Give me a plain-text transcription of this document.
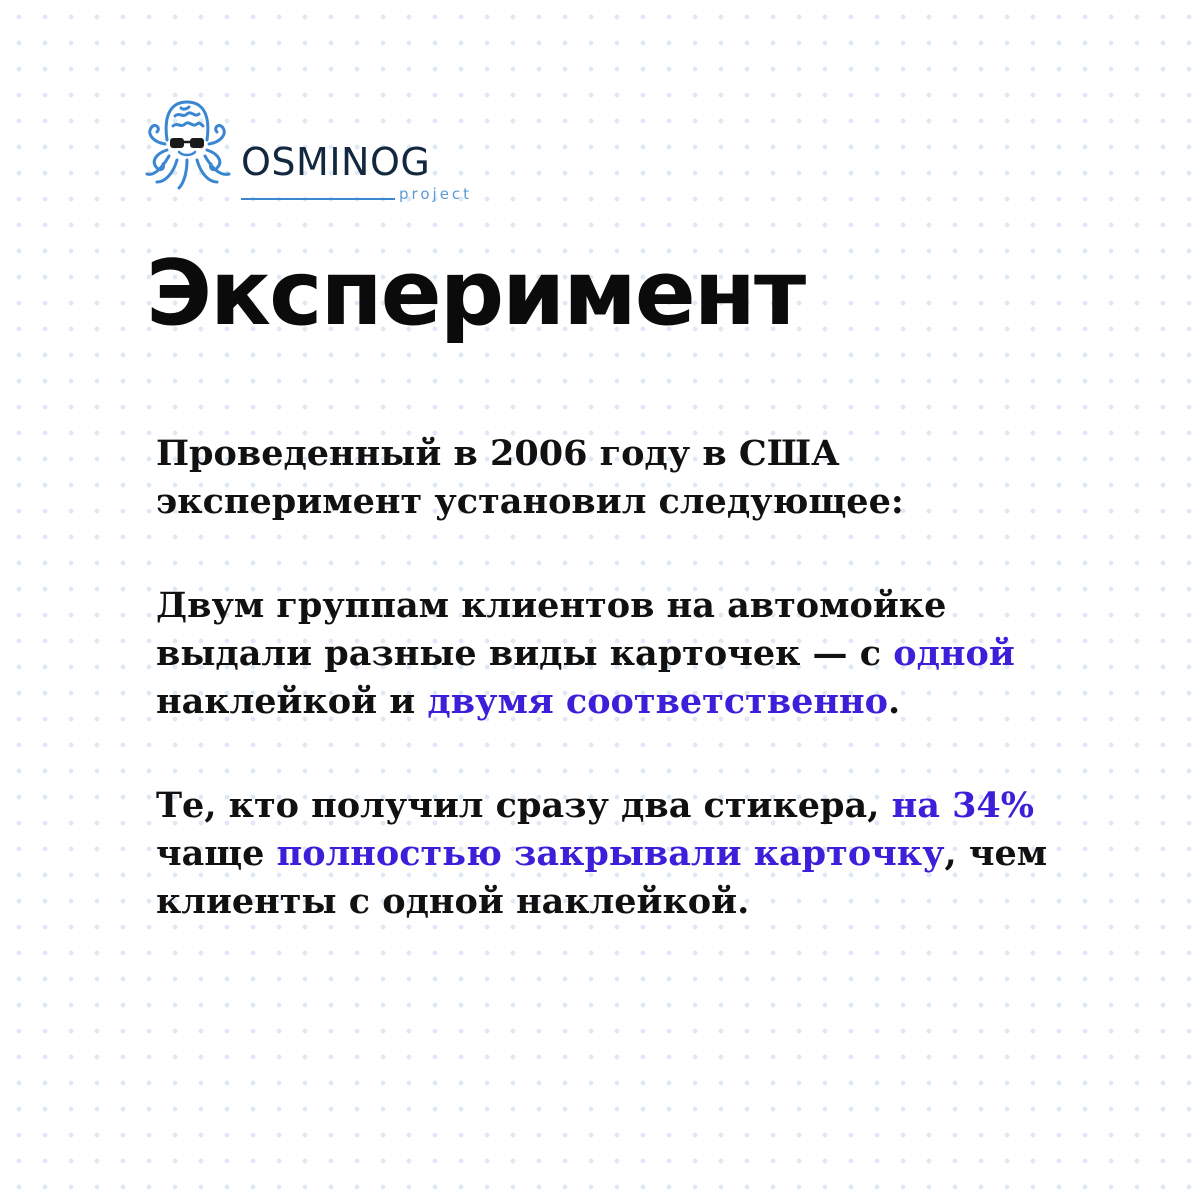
OSMINOG
project
Эксперимент

Проведенный в 2006 году в США эксперимент установил следующее:

Двум группам клиентов на автомойке выдали разные виды карточек — с одной наклейкой и двумя соответственно.

Те, кто получил сразу два стикера, на 34% чаще полностью закрывали карточку, чем клиенты с одной наклейкой.
